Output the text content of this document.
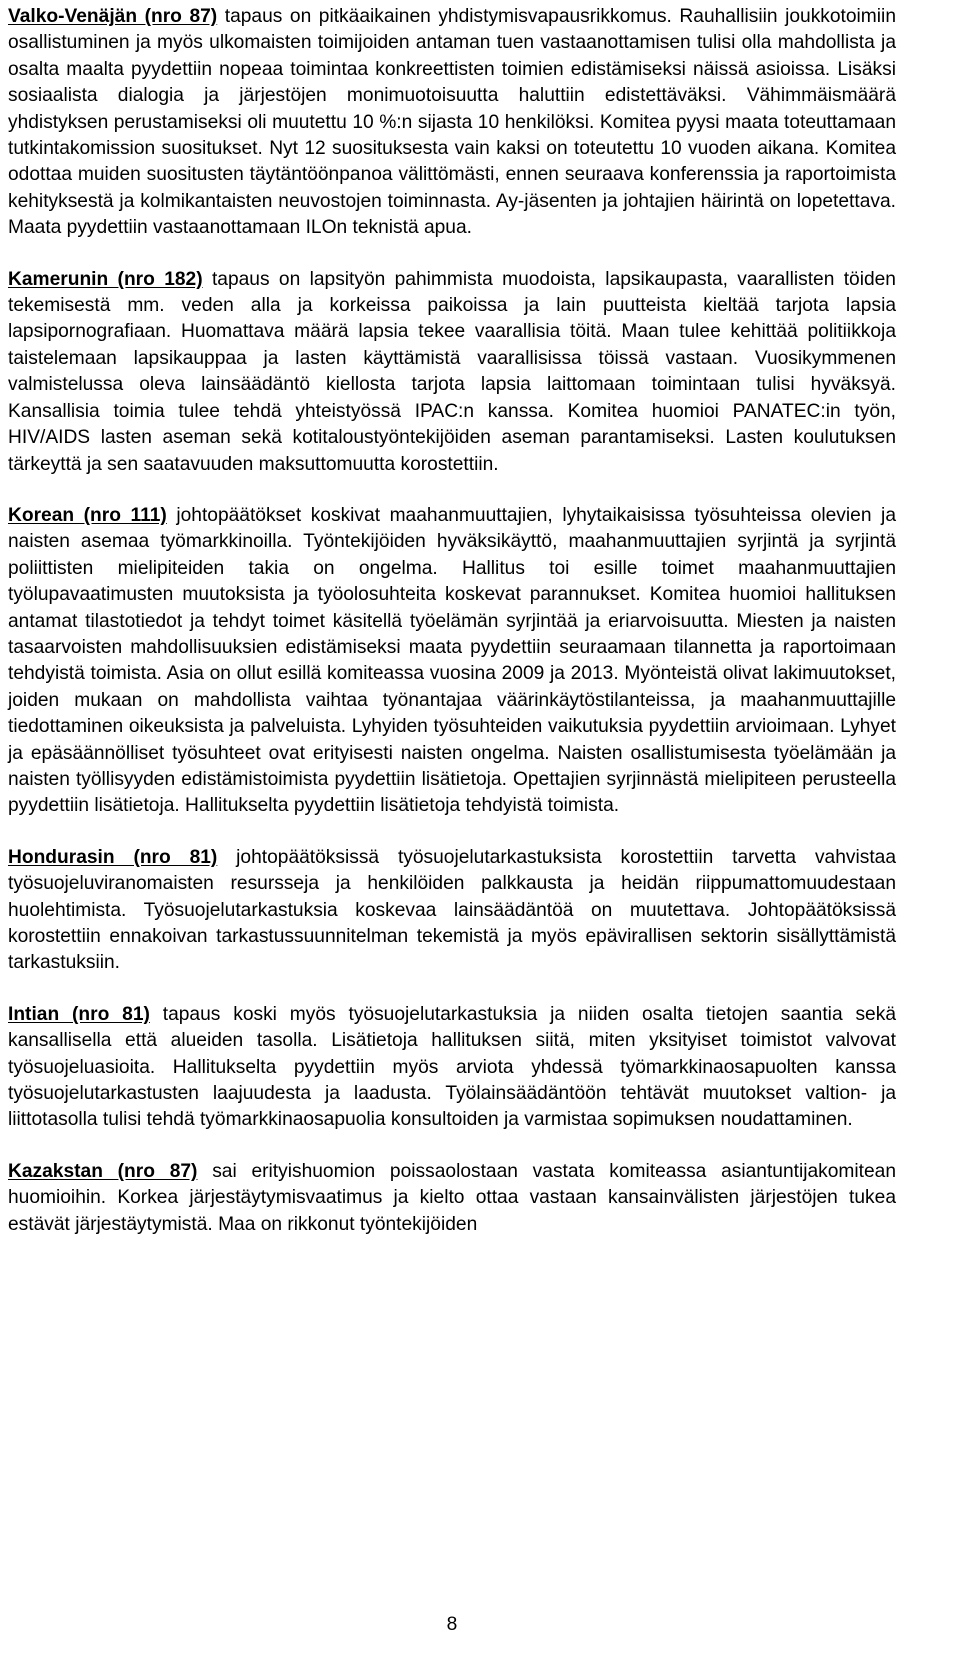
Valko-Venäjän (nro 87) tapaus on pitkäaikainen yhdistymisvapausrikkomus. Rauhallisiin joukkotoimiin osallistuminen ja myös ulkomaisten toimijoiden antaman tuen vastaanottamisen tulisi olla mahdollista ja osalta maalta pyydettiin nopeaa toimintaa konkreettisten toimien edistämiseksi näissä asioissa. Lisäksi sosiaalista dialogia ja järjestöjen monimuotoisuutta haluttiin edistettäväksi. Vähimmäismäärä yhdistyksen perustamiseksi oli muutettu 10 %:n sijasta 10 henkilöksi. Komitea pyysi maata toteuttamaan tutkintakomission suositukset. Nyt 12 suosituksesta vain kaksi on toteutettu 10 vuoden aikana. Komitea odottaa muiden suositusten täytäntöönpanoa välittömästi, ennen seuraava konferenssia ja raportoimista kehityksestä ja kolmikantaisten neuvostojen toiminnasta. Ay-jäsenten ja johtajien häirintä on lopetettava. Maata pyydettiin vastaanottamaan ILOn teknistä apua.

Kamerunin (nro 182) tapaus on lapsityön pahimmista muodoista, lapsikaupasta, vaarallisten töiden tekemisestä mm. veden alla ja korkeissa paikoissa ja lain puutteista kieltää tarjota lapsia lapsipornografiaan. Huomattava määrä lapsia tekee vaarallisia töitä. Maan tulee kehittää politiikkoja taistelemaan lapsikauppaa ja lasten käyttämistä vaarallisissa töissä vastaan. Vuosikymmenen valmistelussa oleva lainsäädäntö kiellosta tarjota lapsia laittomaan toimintaan tulisi hyväksyä. Kansallisia toimia tulee tehdä yhteistyössä IPAC:n kanssa. Komitea huomioi PANATEC:in työn, HIV/AIDS lasten aseman sekä kotitaloustyöntekijöiden aseman parantamiseksi. Lasten koulutuksen tärkeyttä ja sen saatavuuden maksuttomuutta korostettiin.

Korean (nro 111) johtopäätökset koskivat maahanmuuttajien, lyhytaikaisissa työsuhteissa olevien ja naisten asemaa työmarkkinoilla. Työntekijöiden hyväksikäyttö, maahanmuuttajien syrjintä ja syrjintä poliittisten mielipiteiden takia on ongelma. Hallitus toi esille toimet maahanmuuttajien työlupavaatimusten muutoksista ja työolosuhteita koskevat parannukset. Komitea huomioi hallituksen antamat tilastotiedot ja tehdyt toimet käsitellä työelämän syrjintää ja eriarvoisuutta. Miesten ja naisten tasaarvoisten mahdollisuuksien edistämiseksi maata pyydettiin seuraamaan tilannetta ja raportoimaan tehdyistä toimista. Asia on ollut esillä komiteassa vuosina 2009 ja 2013. Myönteistä olivat lakimuutokset, joiden mukaan on mahdollista vaihtaa työnantajaa väärinkäytöstilanteissa, ja maahanmuuttajille tiedottaminen oikeuksista ja palveluista. Lyhyiden työsuhteiden vaikutuksia pyydettiin arvioimaan. Lyhyet ja epäsäännölliset työsuhteet ovat erityisesti naisten ongelma. Naisten osallistumisesta työelämään ja naisten työllisyyden edistämistoimista pyydettiin lisätietoja. Opettajien syrjinnästä mielipiteen perusteella pyydettiin lisätietoja. Hallitukselta pyydettiin lisätietoja tehdyistä toimista.

Hondurasin (nro 81) johtopäätöksissä työsuojelutarkastuksista korostettiin tarvetta vahvistaa työsuojeluviranomaisten resursseja ja henkilöiden palkkausta ja heidän riippumattomuudestaan huolehtimista. Työsuojelutarkastuksia koskevaa lainsäädäntöä on muutettava. Johtopäätöksissä korostettiin ennakoivan tarkastussuunnitelman tekemistä ja myös epävirallisen sektorin sisällyttämistä tarkastuksiin.

Intian (nro 81) tapaus koski myös työsuojelutarkastuksia ja niiden osalta tietojen saantia sekä kansallisella että alueiden tasolla. Lisätietoja hallituksen siitä, miten yksityiset toimistot valvovat työsuojeluasioita. Hallitukselta pyydettiin myös arviota yhdessä työmarkkinaosapuolten kanssa työsuojelutarkastusten laajuudesta ja laadusta. Työlainsäädäntöön tehtävät muutokset valtion- ja liittotasolla tulisi tehdä työmarkkinaosapuolia konsultoiden ja varmistaa sopimuksen noudattaminen.

Kazakstan (nro 87) sai erityishuomion poissaolostaan vastata komiteassa asiantuntijakomitean huomioihin. Korkea järjestäytymisvaatimus ja kielto ottaa vastaan kansainvälisten järjestöjen tukea estävät järjestäytymistä. Maa on rikkonut työntekijöiden

8
